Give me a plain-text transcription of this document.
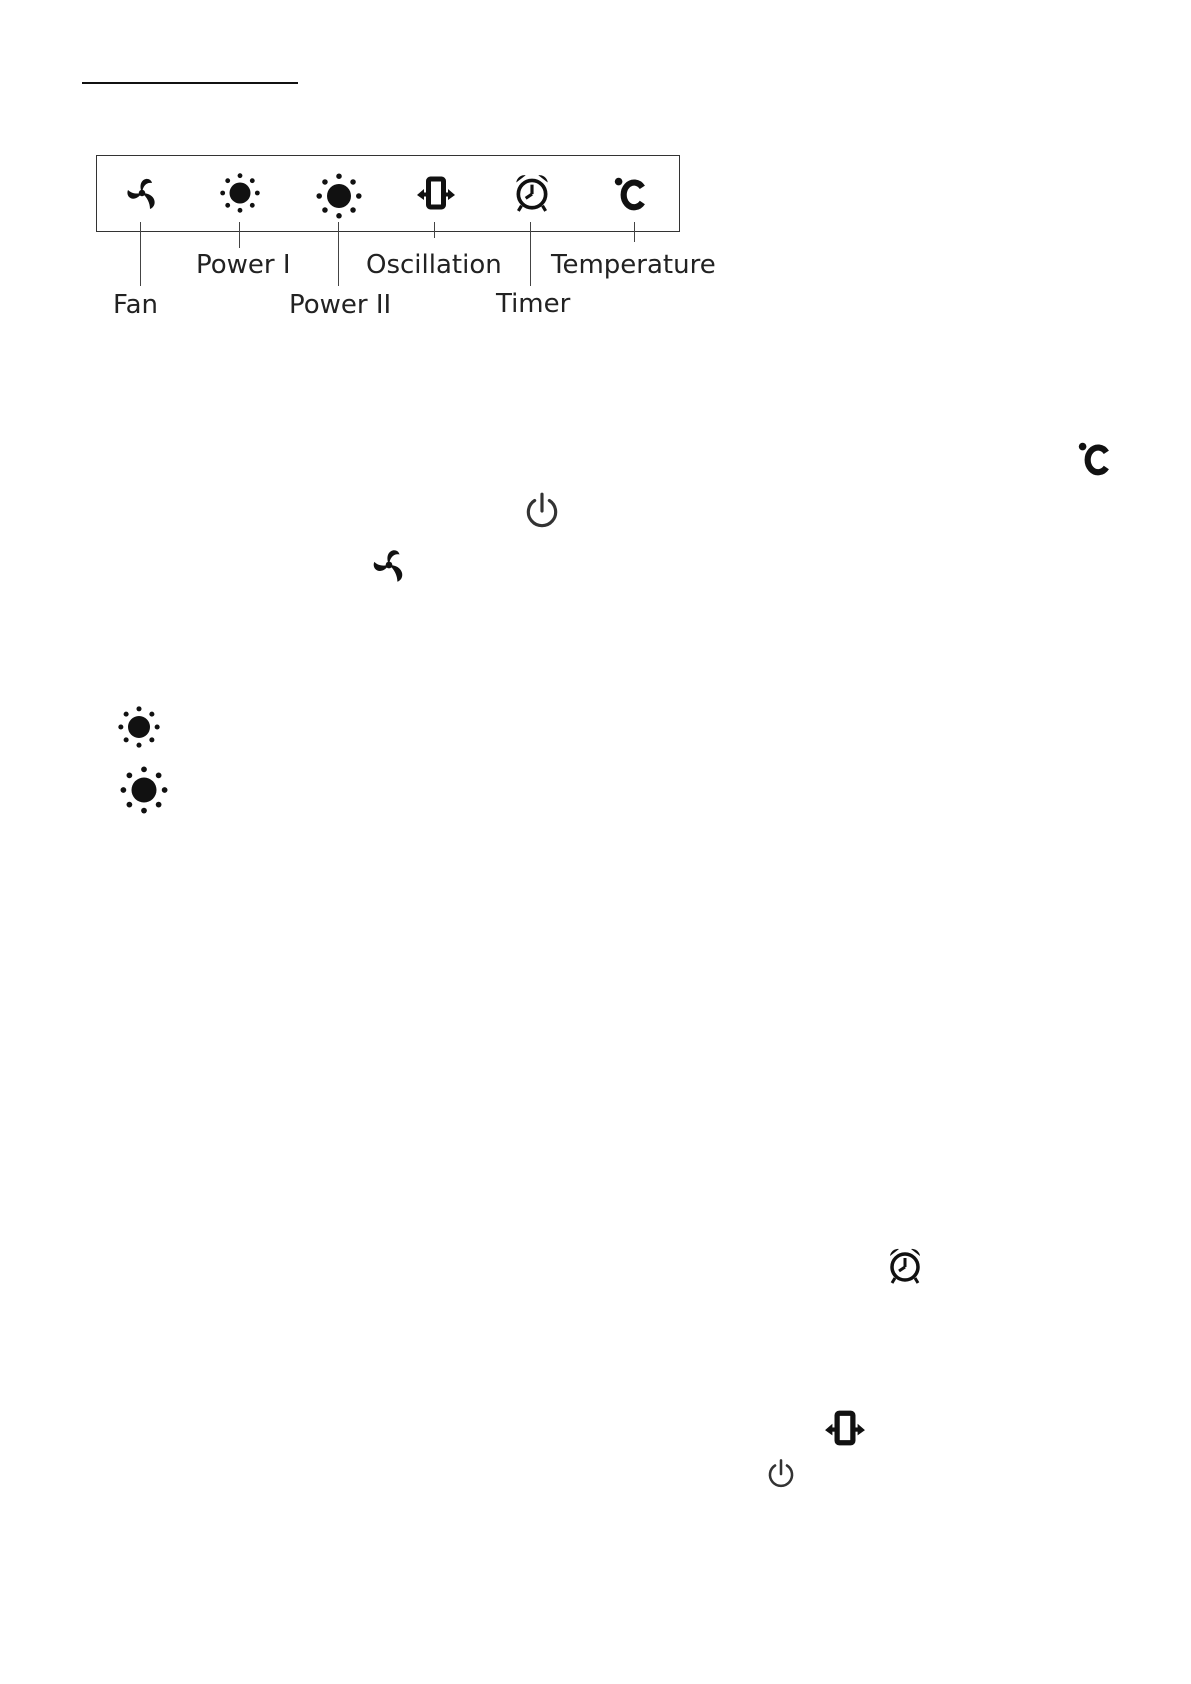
Fan
Power I
Power II
Oscillation
Timer
Temperature
